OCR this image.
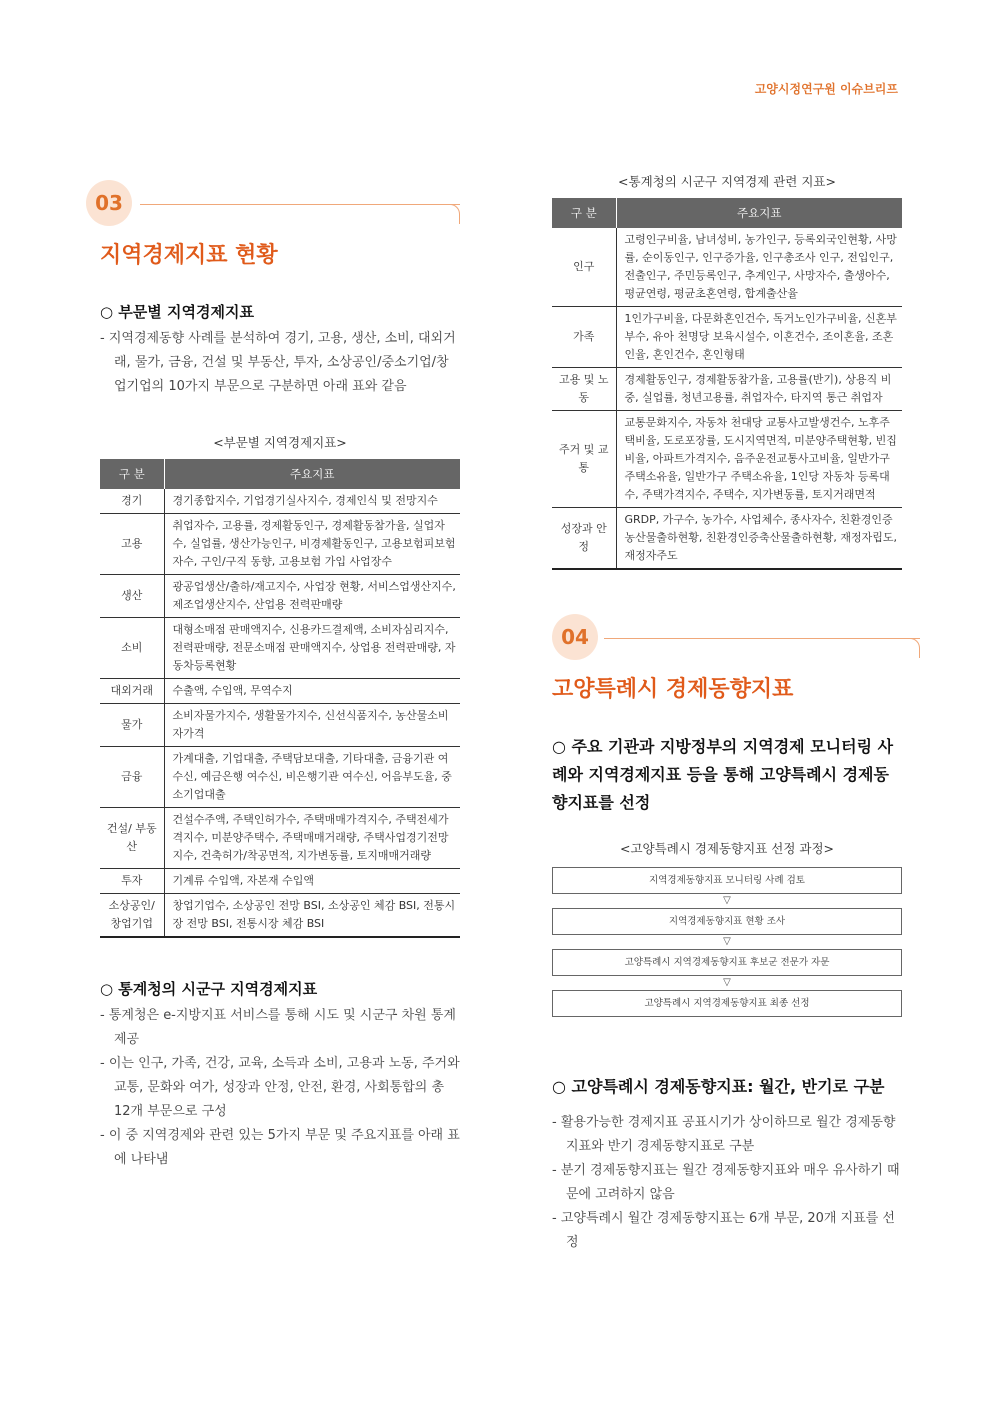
고양시정연구원 이슈브리프
03
지역경제지표 현황
○ 부문별 지역경제지표
- 지역경제동향 사례를 분석하여 경기, 고용, 생산, 소비, 대외거래, 물가, 금융, 건설 및 부동산, 투자, 소상공인/중소기업/창업기업의 10가지 부문으로 구분하면 아래 표와 같음
<부문별 지역경제지표>
구 분	주요지표
경기	경기종합지수, 기업경기실사지수, 경제인식 및 전망지수
고용	취업자수, 고용률, 경제활동인구, 경제활동참가율, 실업자수, 실업률, 생산가능인구, 비경제활동인구, 고용보험피보험자수, 구인/구직 동향, 고용보험 가입 사업장수
생산	광공업생산/출하/재고지수, 사업장 현황, 서비스업생산지수, 제조업생산지수, 산업용 전력판매량
소비	대형소매점 판매액지수, 신용카드결제액, 소비자심리지수, 전력판매량, 전문소매점 판매액지수, 상업용 전력판매량, 자동차등록현황
대외거래	수출액, 수입액, 무역수지
물가	소비자물가지수, 생활물가지수, 신선식품지수, 농산물소비자가격
금융	가계대출, 기업대출, 주택담보대출, 기타대출, 금융기관 여수신, 예금은행 여수신, 비은행기관 여수신, 어음부도율, 중소기업대출
건설/ 부동산	건설수주액, 주택인허가수, 주택매매가격지수, 주택전세가격지수, 미분양주택수, 주택매매거래량, 주택사업경기전망지수, 건축허가/착공면적, 지가변동률, 토지매매거래량
투자	기계류 수입액, 자본재 수입액
소상공인/ 창업기업	창업기업수, 소상공인 전망 BSI, 소상공인 체감 BSI, 전통시장 전망 BSI, 전통시장 체감 BSI
○ 통계청의 시군구 지역경제지표
- 통계청은 e-지방지표 서비스를 통해 시도 및 시군구 차원 통계 제공
- 이는 인구, 가족, 건강, 교육, 소득과 소비, 고용과 노동, 주거와 교통, 문화와 여가, 성장과 안정, 안전, 환경, 사회통합의 총 12개 부문으로 구성
- 이 중 지역경제와 관련 있는 5가지 부문 및 주요지표를 아래 표에 나타냄
<통계청의 시군구 지역경제 관련 지표>
구 분	주요지표
인구	고령인구비율, 남녀성비, 농가인구, 등록외국인현황, 사망률, 순이동인구, 인구증가율, 인구총조사 인구, 전입인구, 전출인구, 주민등록인구, 추계인구, 사망자수, 출생아수, 평균연령, 평균초혼연령, 합계출산율
가족	1인가구비율, 다문화혼인건수, 독거노인가구비율, 신혼부부수, 유아 천명당 보육시설수, 이혼건수, 조이혼율, 조혼인율, 혼인건수, 혼인형태
고용 및 노동	경제활동인구, 경제활동참가율, 고용률(반기), 상용직 비중, 실업률, 청년고용률, 취업자수, 타지역 통근 취업자
주거 및 교통	교통문화지수, 자동차 천대당 교통사고발생건수, 노후주택비율, 도로포장률, 도시지역면적, 미분양주택현황, 빈집비율, 아파트가격지수, 음주운전교통사고비율, 일반가구 주택소유율, 일반가구 주택소유율, 1인당 자동차 등록대수, 주택가격지수, 주택수, 지가변동률, 토지거래면적
성장과 안정	GRDP, 가구수, 농가수, 사업체수, 종사자수, 친환경인증농산물출하현황, 친환경인증축산물출하현황, 재정자립도, 재정자주도
04
고양특례시 경제동향지표
○ 주요 기관과 지방정부의 지역경제 모니터링 사례와 지역경제지표 등을 통해 고양특례시 경제동향지표를 선정
<고양특례시 경제동향지표 선정 과정>
지역경제동향지표 모니터링 사례 검토
▽
지역경제동향지표 현황 조사
▽
고양특례시 지역경제동향지표 후보군 전문가 자문
▽
고양특례시 지역경제동향지표 최종 선정
○ 고양특례시 경제동향지표: 월간, 반기로 구분
- 활용가능한 경제지표 공표시기가 상이하므로 월간 경제동향지표와 반기 경제동향지표로 구분
- 분기 경제동향지표는 월간 경제동향지표와 매우 유사하기 때문에 고려하지 않음
- 고양특례시 월간 경제동향지표는 6개 부문, 20개 지표를 선정
